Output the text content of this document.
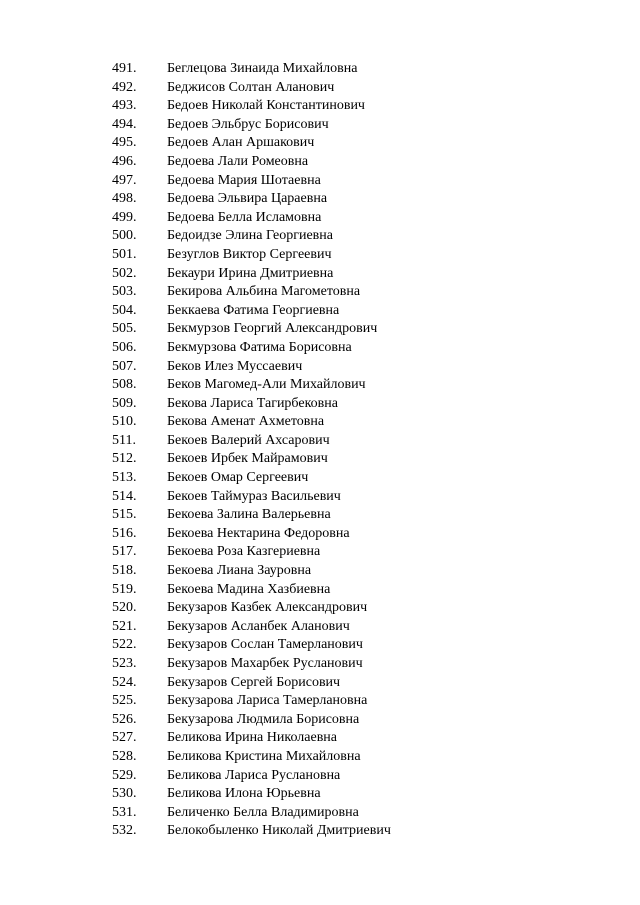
491. Беглецова Зинаида Михайловна
492. Беджисов Солтан Аланович
493. Бедоев Николай Константинович
494. Бедоев Эльбрус Борисович
495. Бедоев Алан Аршакович
496. Бедоева Лали Ромеовна
497. Бедоева Мария Шотаевна
498. Бедоева Эльвира Цараевна
499. Бедоева Белла Исламовна
500. Бедоидзе Элина Георгиевна
501. Безуглов Виктор Сергеевич
502. Бекаури Ирина Дмитриевна
503. Бекирова Альбина Магометовна
504. Беккаева Фатима Георгиевна
505. Бекмурзов Георгий Александрович
506. Бекмурзова Фатима Борисовна
507. Беков Илез Муссаевич
508. Беков Магомед-Али Михайлович
509. Бекова Лариса Тагирбековна
510. Бекова Аменат Ахметовна
511. Бекоев Валерий Ахсарович
512. Бекоев Ирбек Майрамович
513. Бекоев Омар Сергеевич
514. Бекоев Таймураз Васильевич
515. Бекоева Залина Валерьевна
516. Бекоева Нектарина Федоровна
517. Бекоева Роза Казгериевна
518. Бекоева Лиана Зауровна
519. Бекоева Мадина Хазбиевна
520. Бекузаров Казбек Александрович
521. Бекузаров Асланбек Аланович
522. Бекузаров Сослан Тамерланович
523. Бекузаров Махарбек Русланович
524. Бекузаров Сергей Борисович
525. Бекузарова Лариса Тамерлановна
526. Бекузарова Людмила Борисовна
527. Беликова Ирина Николаевна
528. Беликова Кристина Михайловна
529. Беликова Лариса Руслановна
530. Беликова Илона Юрьевна
531. Беличенко Белла Владимировна
532. Белокобыленко Николай Дмитриевич
